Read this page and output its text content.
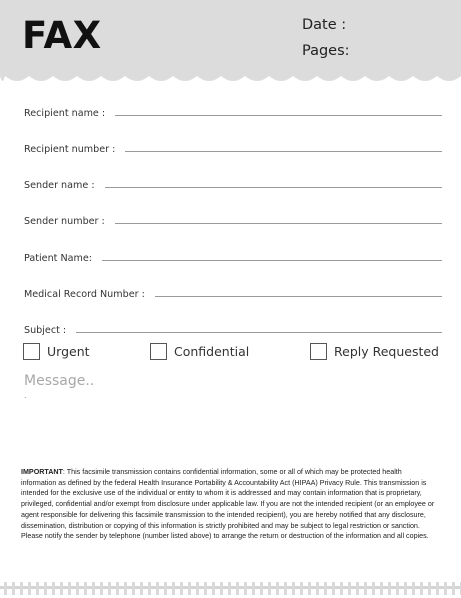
FAX	Date :
Pages:
Recipient name :
Recipient number :
Sender name :
Sender number :
Patient Name:
Medical Record Number :
Subject :
Urgent	Confidential	Reply Requested
Message..
.
IMPORTANT: This facsimile transmission contains confidential information, some or all of which may be protected health information as defined by the federal Health Insurance Portability & Accountability Act (HIPAA) Privacy Rule. This transmission is intended for the exclusive use of the individual or entity to whom it is addressed and may contain information that is proprietary, privileged, confidential and/or exempt from disclosure under applicable law. If you are not the intended recipient (or an employee or agent responsible for delivering this facsimile transmission to the intended recipient), you are hereby notified that any disclosure, dissemination, distribution or copying of this information is strictly prohibited and may be subject to legal restriction or sanction. Please notify the sender by telephone (number listed above) to arrange the return or destruction of the information and all copies.
